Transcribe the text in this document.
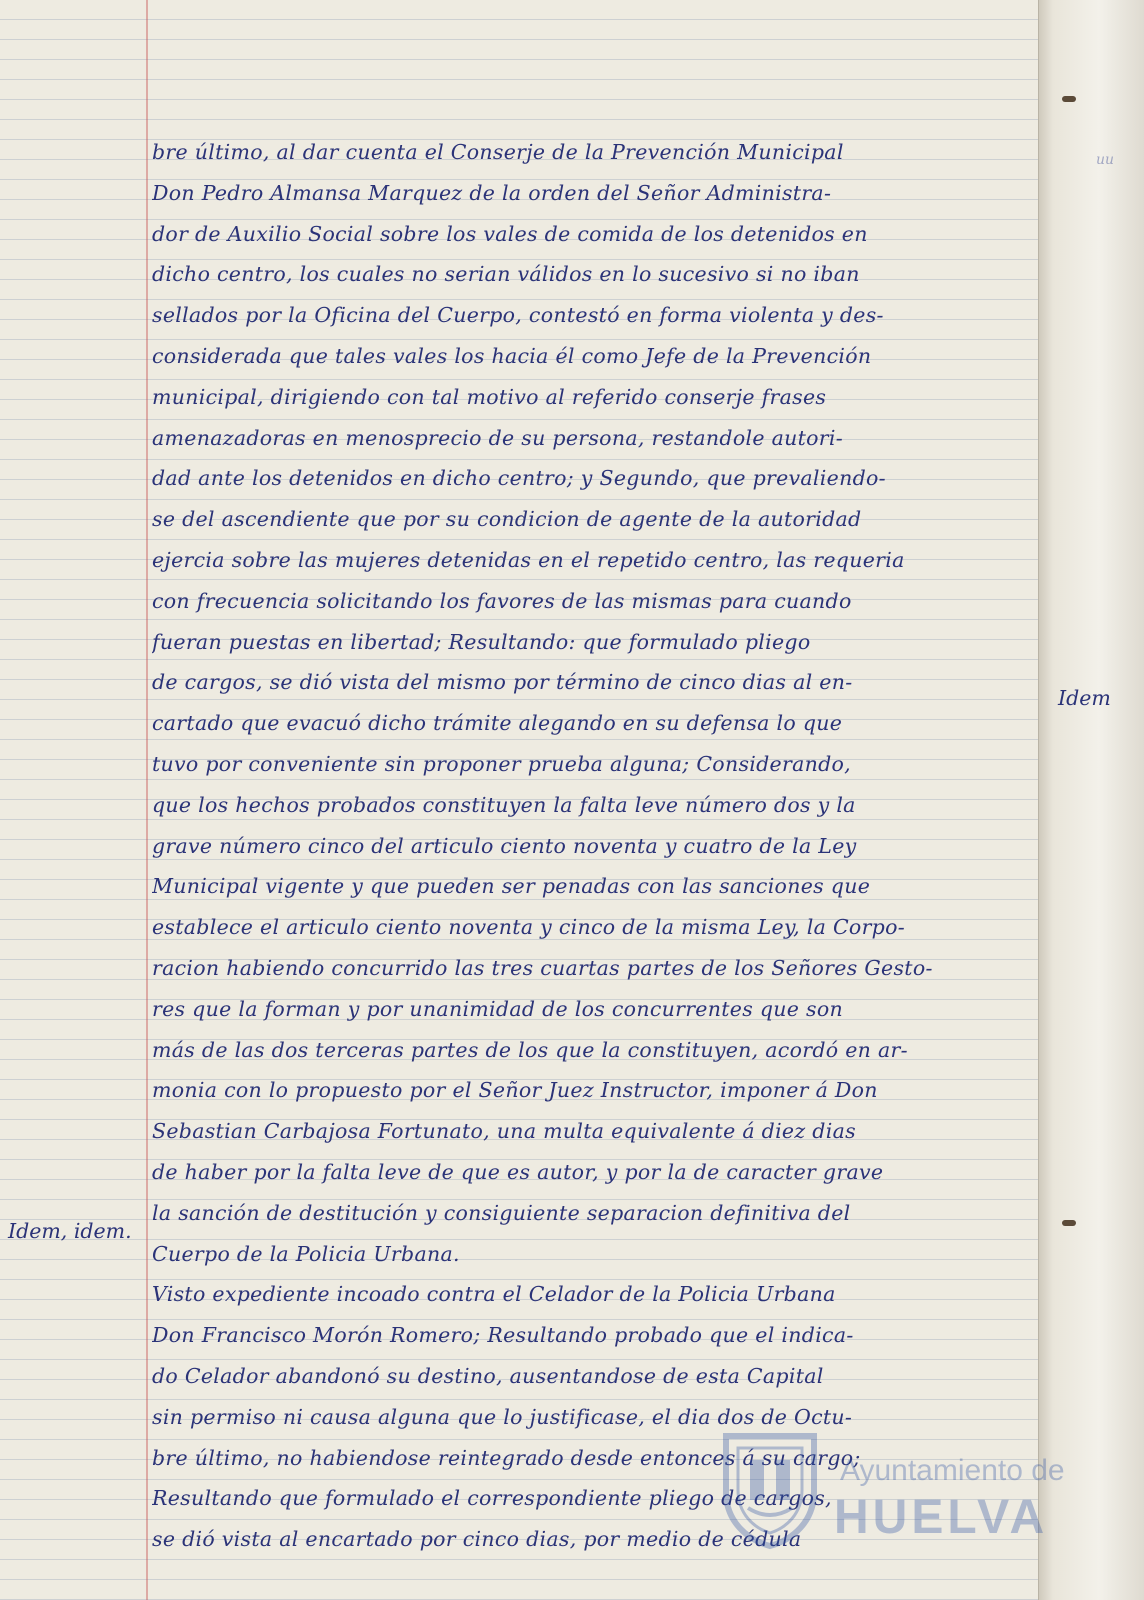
uu
Idem
Idem, idem.
bre último, al dar cuenta el Conserje de la Prevención Municipal
Don Pedro Almansa Marquez de la orden del Señor Administra-
dor de Auxilio Social sobre los vales de comida de los detenidos en
dicho centro, los cuales no serian válidos en lo sucesivo si no iban
sellados por la Oficina del Cuerpo, contestó en forma violenta y des-
considerada que tales vales los hacia él como Jefe de la Prevención
municipal, dirigiendo con tal motivo al referido conserje frases
amenazadoras en menosprecio de su persona, restandole autori-
dad ante los detenidos en dicho centro; y Segundo, que prevaliendo-
se del ascendiente que por su condicion de agente de la autoridad
ejercia sobre las mujeres detenidas en el repetido centro, las requeria
con frecuencia solicitando los favores de las mismas para cuando
fueran puestas en libertad; Resultando: que formulado pliego
de cargos, se dió vista del mismo por término de cinco dias al en-
cartado que evacuó dicho trámite alegando en su defensa lo que
tuvo por conveniente sin proponer prueba alguna; Considerando,
que los hechos probados constituyen la falta leve número dos y la
grave número cinco del articulo ciento noventa y cuatro de la Ley
Municipal vigente y que pueden ser penadas con las sanciones que
establece el articulo ciento noventa y cinco de la misma Ley, la Corpo-
racion habiendo concurrido las tres cuartas partes de los Señores Gesto-
res que la forman y por unanimidad de los concurrentes que son
más de las dos terceras partes de los que la constituyen, acordó en ar-
monia con lo propuesto por el Señor Juez Instructor, imponer á Don
Sebastian Carbajosa Fortunato, una multa equivalente á diez dias
de haber por la falta leve de que es autor, y por la de caracter grave
la sanción de destitución y consiguiente separacion definitiva del
Cuerpo de la Policia Urbana.
Visto expediente incoado contra el Celador de la Policia Urbana
Don Francisco Morón Romero; Resultando probado que el indica-
do Celador abandonó su destino, ausentandose de esta Capital
sin permiso ni causa alguna que lo justificase, el dia dos de Octu-
bre último, no habiendose reintegrado desde entonces á su cargo;
Resultando que formulado el correspondiente pliego de cargos,
se dió vista al encartado por cinco dias, por medio de cédula
Ayuntamiento de
HUELVA
